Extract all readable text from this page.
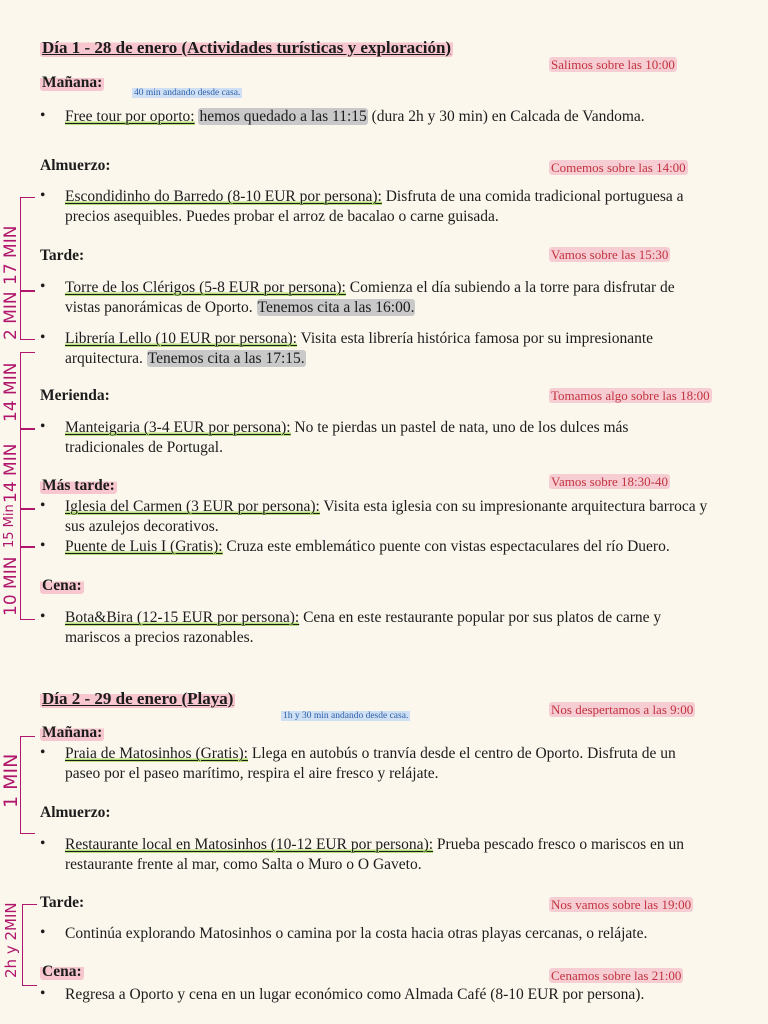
Día 1 - 28 de enero (Actividades turísticas y exploración)
Mañana:
Salimos sobre las 10:00
40 min andando desde casa.
• Free tour por oporto: hemos quedado a las 11:15 (dura 2h y 30 min) en Calcada de Vandoma.
Almuerzo:	Comemos sobre las 14:00
• Escondidinho do Barredo (8-10 EUR por persona): Disfruta de una comida tradicional portuguesa a
precios asequibles. Puedes probar el arroz de bacalao o carne guisada.
Tarde:	Vamos sobre las 15:30
• Torre de los Clérigos (5-8 EUR por persona): Comienza el día subiendo a la torre para disfrutar de
vistas panorámicas de Oporto. Tenemos cita a las 16:00.
• Librería Lello (10 EUR por persona): Visita esta librería histórica famosa por su impresionante
arquitectura. Tenemos cita a las 17:15.
Merienda:	Tomamos algo sobre las 18:00
• Manteigaria (3-4 EUR por persona): No te pierdas un pastel de nata, uno de los dulces más
tradicionales de Portugal.
Más tarde:	Vamos sobre 18:30-40
• Iglesia del Carmen (3 EUR por persona): Visita esta iglesia con su impresionante arquitectura barroca y
sus azulejos decorativos.
• Puente de Luis I (Gratis): Cruza este emblemático puente con vistas espectaculares del río Duero.
Cena:
• Bota&Bira (12-15 EUR por persona): Cena en este restaurante popular por sus platos de carne y
mariscos a precios razonables.
17 MIN
2 MIN
14 MIN
14 MIN
15 Min
10 MIN
Día 2 - 29 de enero (Playa)
1h y 30 min andando desde casa.
Mañana:
Nos despertamos a las 9:00
• Praia de Matosinhos (Gratis): Llega en autobús o tranvía desde el centro de Oporto. Disfruta de un
paseo por el paseo marítimo, respira el aire fresco y relájate.
Almuerzo:
• Restaurante local en Matosinhos (10-12 EUR por persona): Prueba pescado fresco o mariscos en un
restaurante frente al mar, como Salta o Muro o O Gaveto.
Tarde:	Nos vamos sobre las 19:00
• Continúa explorando Matosinhos o camina por la costa hacia otras playas cercanas, o relájate.
Cena:	Cenamos sobre las 21:00
• Regresa a Oporto y cena en un lugar económico como Almada Café (8-10 EUR por persona).
1 MIN
2h y 2MIN
